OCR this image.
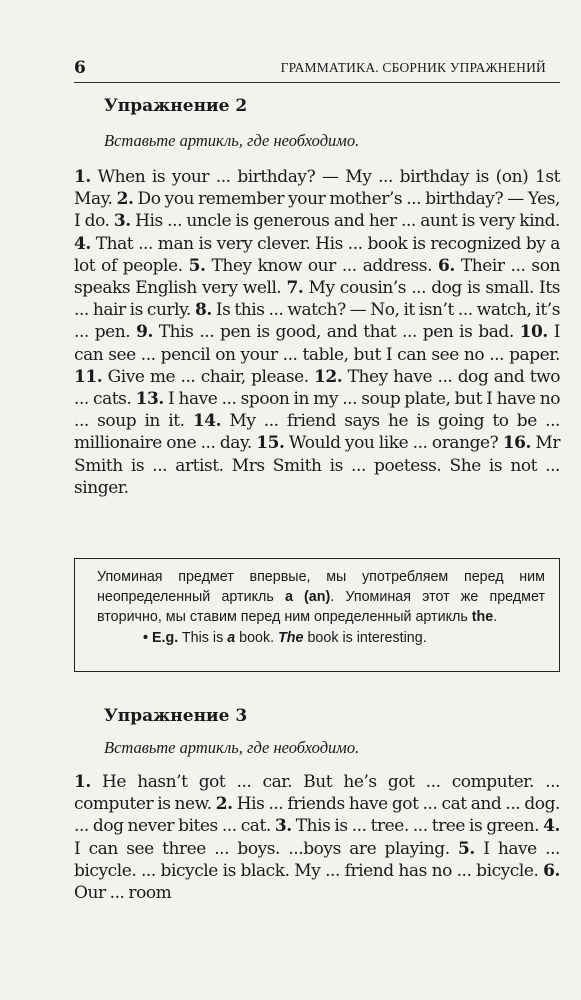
6	ГРАММАТИКА. СБОРНИК УПРАЖНЕНИЙ
Упражнение 2
Вставьте артикль, где необходимо.
1. When is your ... birthday? — My ... birthday is (on) 1st May. 2. Do you remember your mother’s ... birthday? — Yes, I do. 3. His ... uncle is generous and her ... aunt is very kind. 4. That ... man is very clever. His ... book is recognized by a lot of people. 5. They know our ... address. 6. Their ... son speaks English very well. 7. My cousin’s ... dog is small. Its ... hair is curly. 8. Is this ... watch? — No, it isn’t ... watch, it’s ... pen. 9. This ... pen is good, and that ... pen is bad. 10. I can see ... pencil on your ... table, but I can see no ... paper. 11. Give me ... chair, please. 12. They have ... dog and two ... cats. 13. I have ... spoon in my ... soup plate, but I have no ... soup in it. 14. My ... friend says he is going to be ... millionaire one ... day. 15. Would you like ... orange? 16. Mr Smith is ... artist. Mrs Smith is ... poetess. She is not ... singer.
Упоминая предмет впервые, мы употребляем перед ним неопределенный артикль a (an). Упоминая этот же предмет вторично, мы ставим перед ним определенный артикль the.
• E.g. This is a book. The book is interesting.
Упражнение 3
Вставьте артикль, где необходимо.
1. He hasn’t got ... car. But he’s got ... computer. ... computer is new. 2. His ... friends have got ... cat and ... dog. ... dog never bites ... cat. 3. This is ... tree. ... tree is green. 4. I can see three ... boys. ...boys are playing. 5. I have ... bicycle. ... bicycle is black. My ... friend has no ... bicycle. 6. Our ... room
